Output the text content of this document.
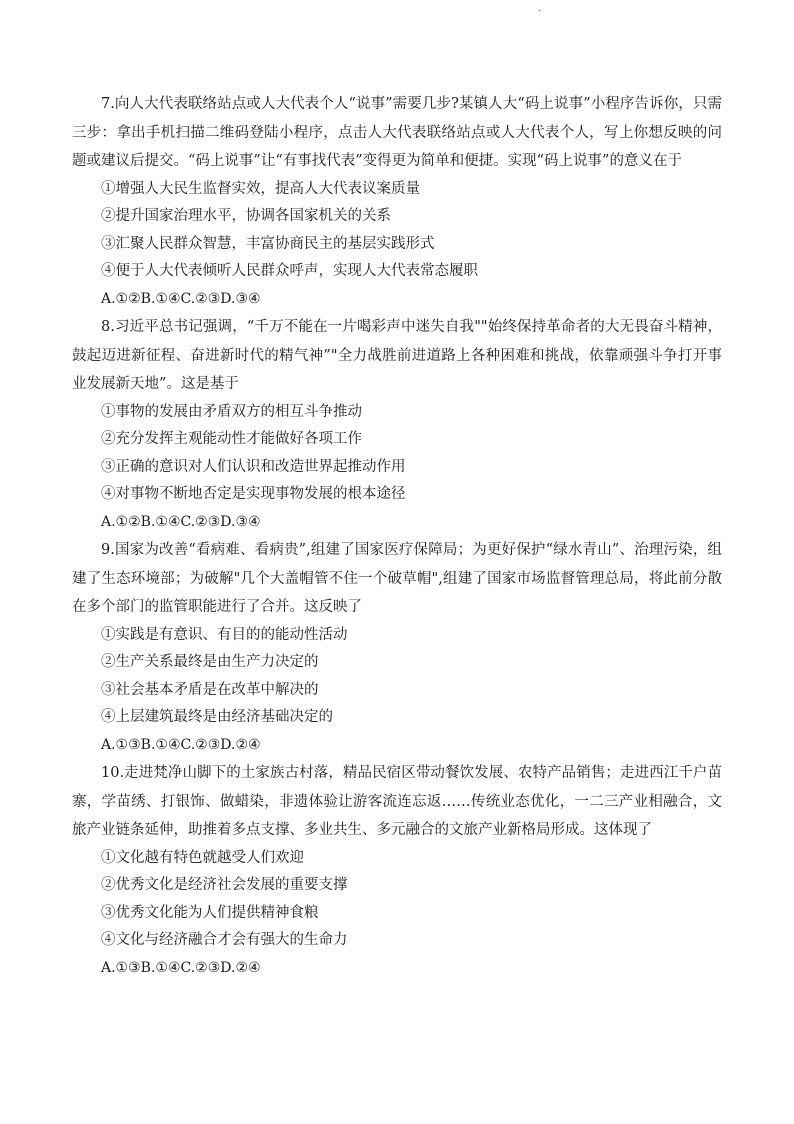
.

7.向人大代表联络站点或人大代表个人“说事”需要几步?某镇人大“码上说事”小程序告诉你，只需三步：拿出手机扫描二维码登陆小程序，点击人大代表联络站点或人大代表个人，写上你想反映的问题或建议后提交。“码上说事”让“有事找代表”变得更为简单和便捷。实现“码上说事”的意义在于

①增强人大民生监督实效，提高人大代表议案质量

②提升国家治理水平，协调各国家机关的关系

③汇聚人民群众智慧，丰富协商民主的基层实践形式

④便于人大代表倾听人民群众呼声，实现人大代表常态履职

A.①②B.①④C.②③D.③④

8.习近平总书记强调，“千万不能在一片喝彩声中迷失自我""始终保持革命者的大无畏奋斗精神，鼓起迈进新征程、奋进新时代的精气神”"全力战胜前进道路上各种困难和挑战，依靠顽强斗争打开事业发展新天地”。这是基于

①事物的发展由矛盾双方的相互斗争推动

②充分发挥主观能动性才能做好各项工作

③正确的意识对人们认识和改造世界起推动作用

④对事物不断地否定是实现事物发展的根本途径

A.①②B.①④C.②③D.③④

9.国家为改善“看病难、看病贵”,组建了国家医疗保障局；为更好保护“绿水青山”、治理污染，组建了生态环境部；为破解"几个大盖帽管不住一个破草帽",组建了国家市场监督管理总局，将此前分散在多个部门的监管职能进行了合并。这反映了

①实践是有意识、有目的的能动性活动

②生产关系最终是由生产力决定的

③社会基本矛盾是在改革中解决的

④上层建筑最终是由经济基础决定的

A.①③B.①④C.②③D.②④

10.走进梵净山脚下的土家族古村落，精品民宿区带动餐饮发展、农特产品销售；走进西江千户苗寨，学苗绣、打银饰、做蜡染，非遗体验让游客流连忘返……传统业态优化，一二三产业相融合，文旅产业链条延伸，助推着多点支撑、多业共生、多元融合的文旅产业新格局形成。这体现了

①文化越有特色就越受人们欢迎

②优秀文化是经济社会发展的重要支撑

③优秀文化能为人们提供精神食粮

④文化与经济融合才会有强大的生命力

A.①③B.①④C.②③D.②④
